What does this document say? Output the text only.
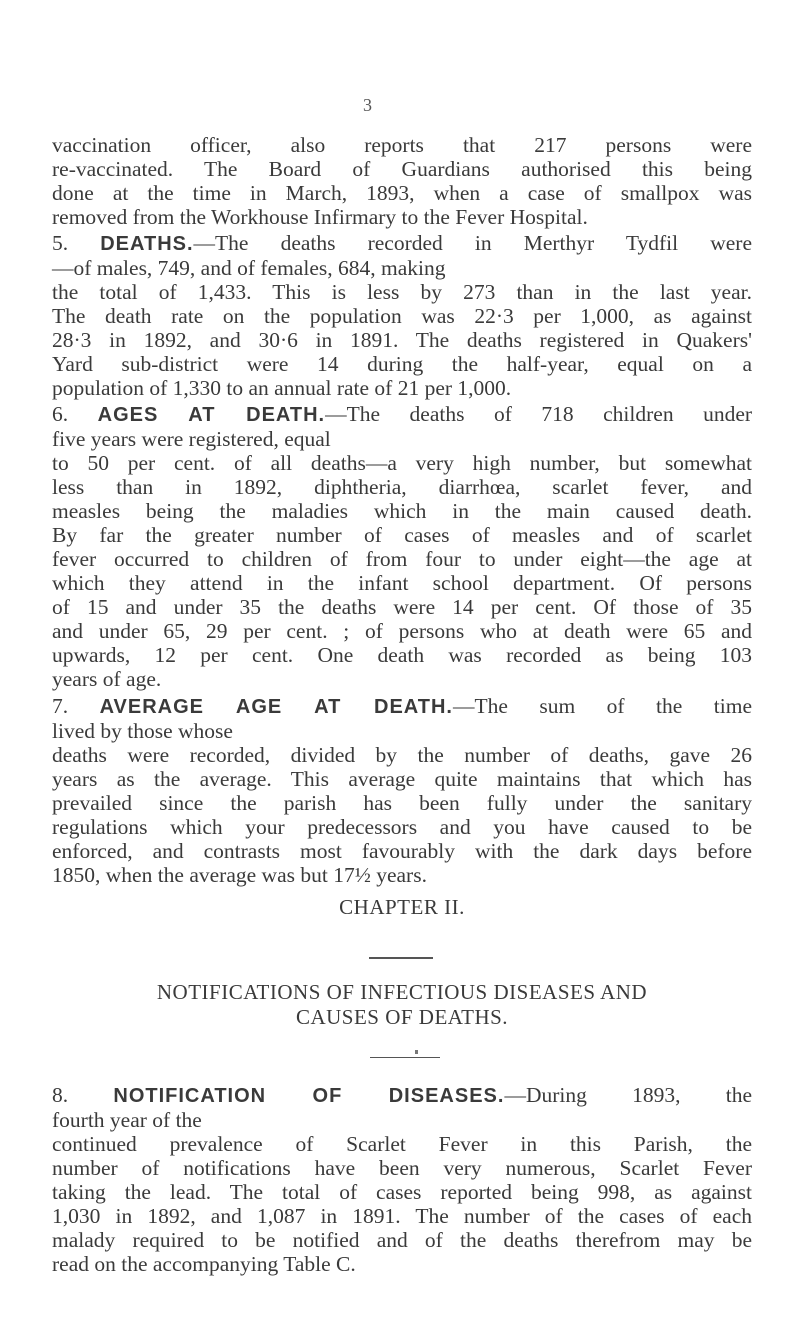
3
vaccination officer, also reports that 217 persons were
re-vaccinated. The Board of Guardians authorised this being
done at the time in March, 1893, when a case of smallpox was
removed from the Workhouse Infirmary to the Fever Hospital.
5. DEATHS.—The deaths recorded in Merthyr Tydfil were
—of males, 749, and of females, 684, making
the total of 1,433. This is less by 273 than in the last year.
The death rate on the population was 22·3 per 1,000, as against
28·3 in 1892, and 30·6 in 1891. The deaths registered in Quakers'
Yard sub-district were 14 during the half-year, equal on a
population of 1,330 to an annual rate of 21 per 1,000.
6. AGES AT DEATH.—The deaths of 718 children under
five years were registered, equal
to 50 per cent. of all deaths—a very high number, but somewhat
less than in 1892, diphtheria, diarrhœa, scarlet fever, and
measles being the maladies which in the main caused death.
By far the greater number of cases of measles and of scarlet
fever occurred to children of from four to under eight—the age at
which they attend in the infant school department. Of persons
of 15 and under 35 the deaths were 14 per cent. Of those of 35
and under 65, 29 per cent. ; of persons who at death were 65 and
upwards, 12 per cent. One death was recorded as being 103
years of age.
7. AVERAGE AGE AT DEATH.—The sum of the time
lived by those whose
deaths were recorded, divided by the number of deaths, gave 26
years as the average. This average quite maintains that which has
prevailed since the parish has been fully under the sanitary
regulations which your predecessors and you have caused to be
enforced, and contrasts most favourably with the dark days before
1850, when the average was but 17½ years.
CHAPTER II.
NOTIFICATIONS OF INFECTIOUS DISEASES AND
CAUSES OF DEATHS.
8. NOTIFICATION OF DISEASES.—During 1893, the
fourth year of the
continued prevalence of Scarlet Fever in this Parish, the
number of notifications have been very numerous, Scarlet Fever
taking the lead. The total of cases reported being 998, as against
1,030 in 1892, and 1,087 in 1891. The number of the cases of each
malady required to be notified and of the deaths therefrom may be
read on the accompanying Table C.
